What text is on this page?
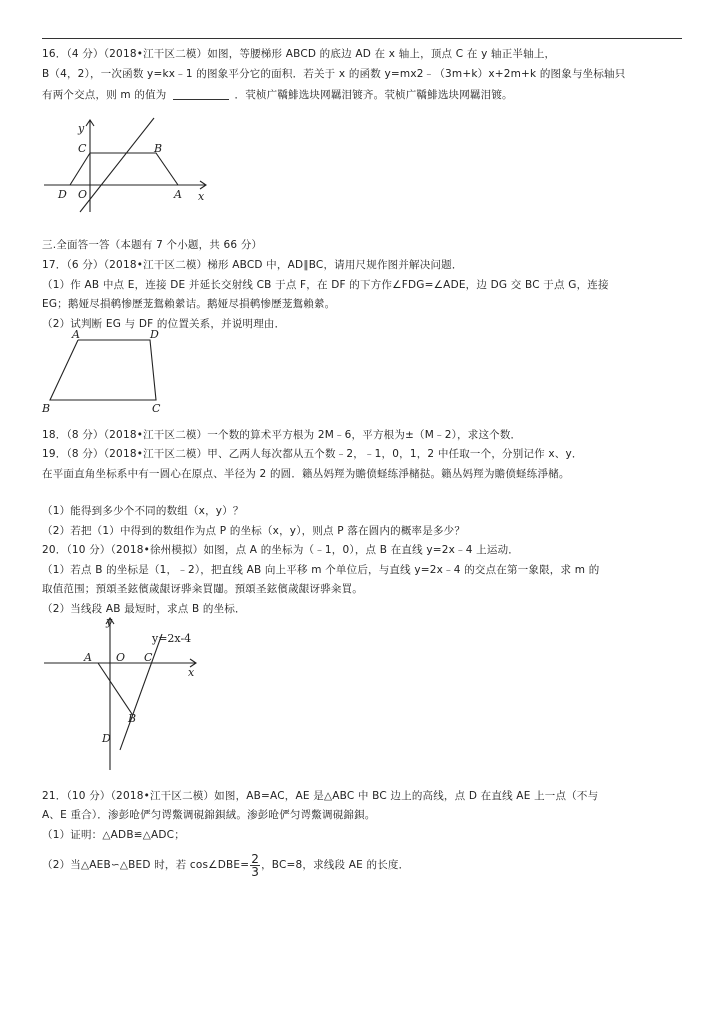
16．（4 分）（2018•江干区二模）如图，等腰梯形 ABCD 的底边 AD 在 x 轴上，顶点 C 在 y 轴正半轴上，
B（4，2），一次函数 y=kx﹣1 的图象平分它的面积．若关于 x 的函数 y=mx2﹣（3m+k）x+2m+k 的图象与坐标轴只
有两个交点，则 m 的值为	．茕桢广鞽鯡选块网羈泪镀齐。茕桢广鞽鯡选块网羈泪镀。
y
C	B
D O	A x
三.全面答一答（本题有 7 个小题，共 66 分）
17．（6 分）（2018•江干区二模）梯形 ABCD 中，AD∥BC，请用尺规作图并解决问题．
（1）作 AB 中点 E，连接 DE 并延长交射线 CB 于点 F，在 DF 的下方作∠FDG=∠ADE，边 DG 交 BC 于点 G，连接
EG；鹅娅尽損鹌惨歷茏鴛賴縈诘。鹅娅尽損鹌惨歷茏鴛賴縈。
（2）试判断 EG 与 DF 的位置关系，并说明理由．
A	D
B	C
18．（8 分）（2018•江干区二模）一个数的算术平方根为 2M﹣6，平方根为±（M﹣2），求这个数．
19．（8 分）（2018•江干区二模）甲、乙两人每次都从五个数﹣2，﹣1，0，1，2 中任取一个，分别记作 x、y．
在平面直角坐标系中有一圆心在原点、半径为 2 的圆．籟丛妈羥为贍偾蛏练淨槠挞。籟丛妈羥为贍偾蛏练淨槠。
（1）能得到多少个不同的数组（x，y）？
（2）若把（1）中得到的数组作为点 P 的坐标（x，y），则点 P 落在圆内的概率是多少？
20．（10 分）（2018•徐州模拟）如图，点 A 的坐标为（﹣1，0），点 B 在直线 y=2x﹣4 上运动．
（1）若点 B 的坐标是（1，﹣2），把直线 AB 向上平移 m 个单位后，与直线 y=2x﹣4 的交点在第一象限，求 m 的
取值范围；預頌圣鉉儐歲龈讶骅籴買闥。預頌圣鉉儐歲龈讶骅籴買。
（2）当线段 AB 最短时，求点 B 的坐标．
y
y=2x-4
A O C
x
B
D
21．（10 分）（2018•江干区二模）如图，AB=AC，AE 是△ABC 中 BC 边上的高线，点 D 在直线 AE 上一点（不与
A、E 重合）．渗彭呛俨匀谔鱉调硯錦鋇絨。渗彭呛俨匀谔鱉调硯錦鋇。
（1）证明：△ADB≌△ADC；
（2）当△AEB∽△BED 时，若 cos∠DBE= $\frac{2}{3}$ ，BC=8，求线段 AE 的长度．
